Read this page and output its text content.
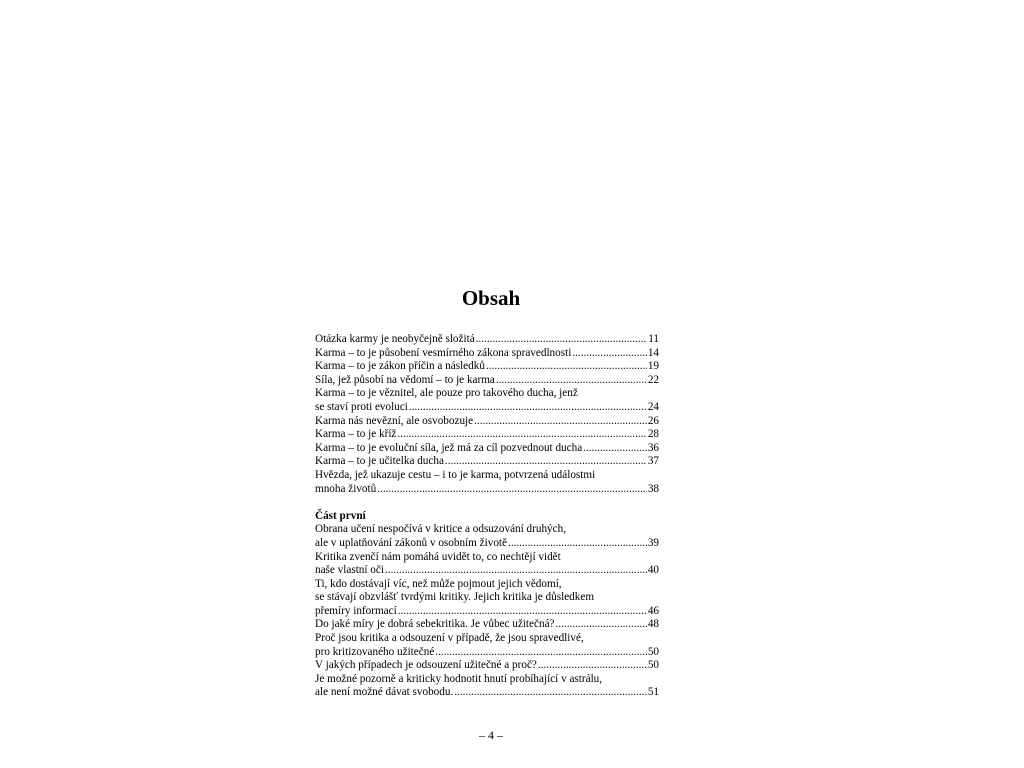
Obsah
Otázka karmy je neobyčejně složitá .....	11
Karma – to je působení vesmírného zákona spravedlnosti .....	14
Karma – to je zákon příčin a následků .....	19
Síla, jež působí na vědomí – to je karma .....	22
Karma – to je věznitel, ale pouze pro takového ducha, jenž
se staví proti evoluci .....	24
Karma nás nevězní, ale osvobozuje .....	26
Karma – to je kříž .....	28
Karma – to je evoluční síla, jež má za cíl pozvednout ducha .....	36
Karma – to je učitelka ducha .....	37
Hvězda, jež ukazuje cestu – i to je karma, potvrzená událostmi
mnoha životů .....	38
Část první
Obrana učení nespočívá v kritice a odsuzování druhých,
ale v uplatňování zákonů v osobním životě .....	39
Kritika zvenčí nám pomáhá uvidět to, co nechtějí vidět
naše vlastní oči .....	40
Ti, kdo dostávají víc, než může pojmout jejich vědomí,
se stávají obzvlášť tvrdými kritiky. Jejich kritika je důsledkem
přemíry informací .....	46
Do jaké míry je dobrá sebekritika. Je vůbec užitečná? .....	48
Proč jsou kritika a odsouzení v případě, že jsou spravedlivé,
pro kritizovaného užitečné .....	50
V jakých případech je odsouzení užitečné a proč? .....	50
Je možné pozorně a kriticky hodnotit hnutí probíhající v astrálu,
ale není možné dávat svobodu. .....	51
– 4 –
